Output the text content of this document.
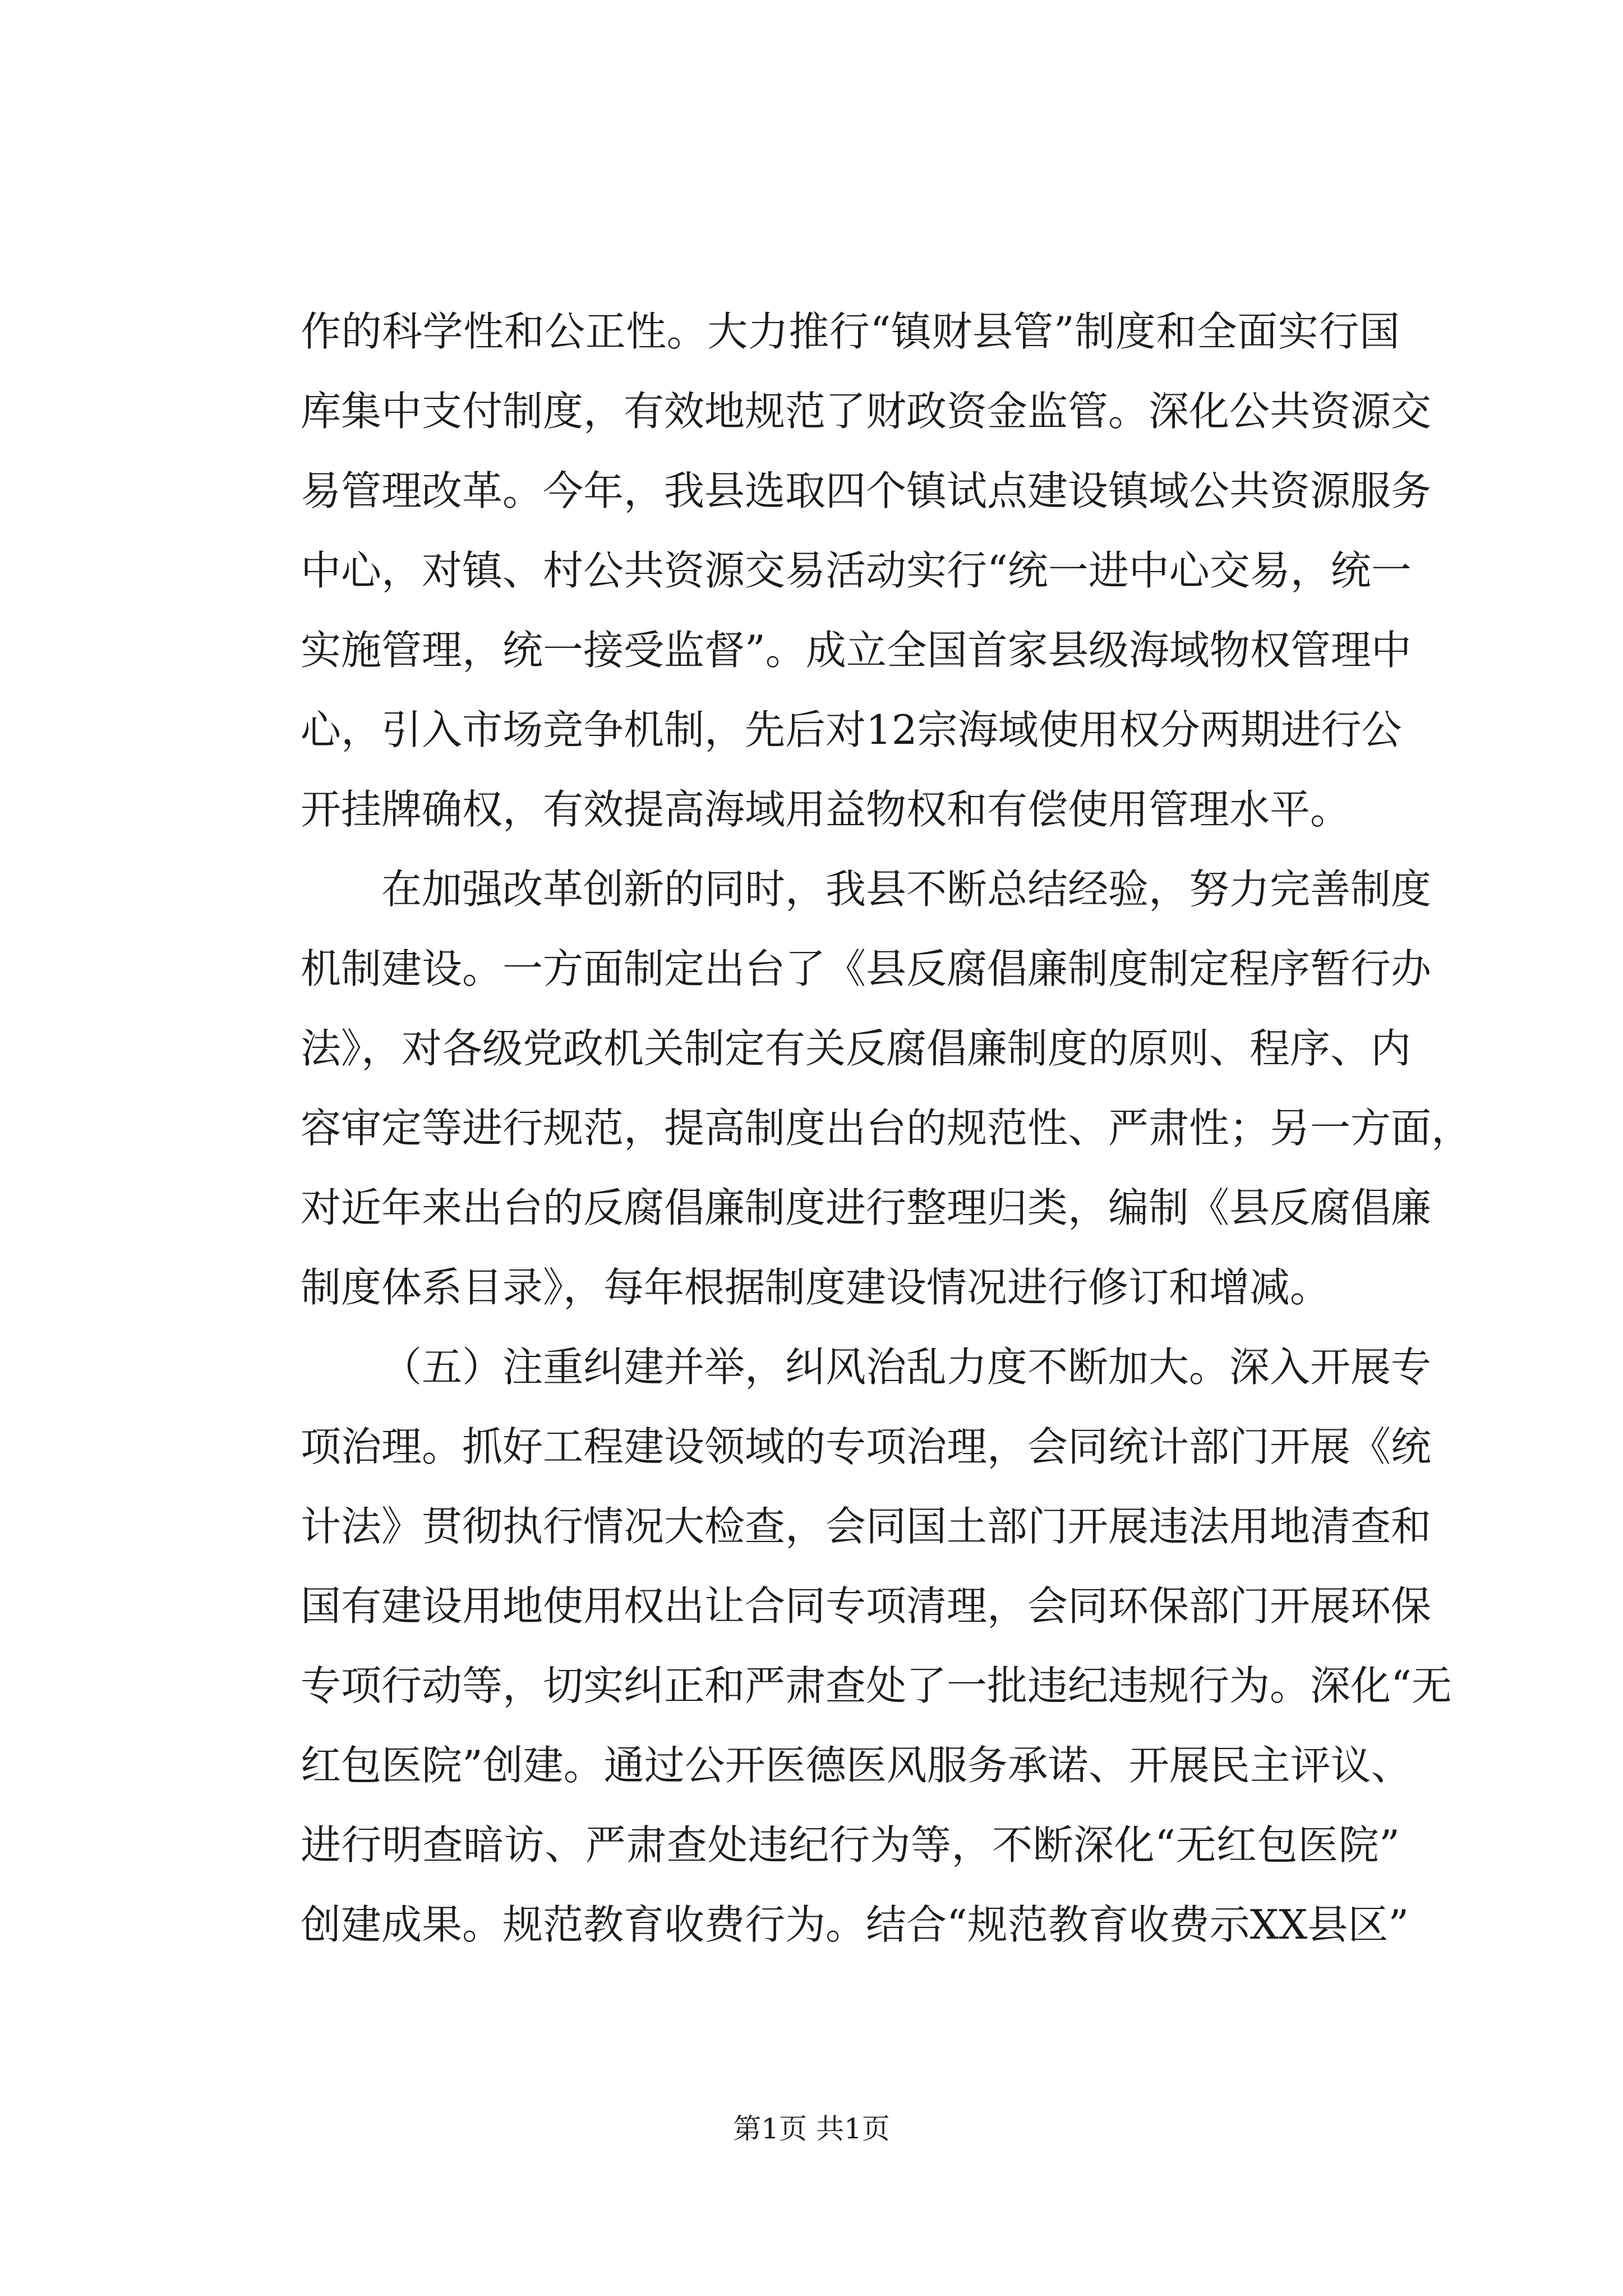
作的科学性和公正性。大力推行“镇财县管”制度和全面实行国
库集中支付制度，有效地规范了财政资金监管。深化公共资源交
易管理改革。今年，我县选取四个镇试点建设镇域公共资源服务
中心，对镇、村公共资源交易活动实行“统一进中心交易，统一
实施管理，统一接受监督”。成立全国首家县级海域物权管理中
心，引入市场竞争机制，先后对12宗海域使用权分两期进行公
开挂牌确权，有效提高海域用益物权和有偿使用管理水平。
在加强改革创新的同时，我县不断总结经验，努力完善制度
机制建设。一方面制定出台了《县反腐倡廉制度制定程序暂行办
法》，对各级党政机关制定有关反腐倡廉制度的原则、程序、内
容审定等进行规范，提高制度出台的规范性、严肃性；另一方面，
对近年来出台的反腐倡廉制度进行整理归类，编制《县反腐倡廉
制度体系目录》，每年根据制度建设情况进行修订和增减。
（五）注重纠建并举，纠风治乱力度不断加大。深入开展专
项治理。抓好工程建设领域的专项治理，会同统计部门开展《统
计法》贯彻执行情况大检查，会同国土部门开展违法用地清查和
国有建设用地使用权出让合同专项清理，会同环保部门开展环保
专项行动等，切实纠正和严肃查处了一批违纪违规行为。深化“无
红包医院”创建。通过公开医德医风服务承诺、开展民主评议、
进行明查暗访、严肃查处违纪行为等，不断深化“无红包医院”
创建成果。规范教育收费行为。结合“规范教育收费示XX县区”
第1页 共1页
